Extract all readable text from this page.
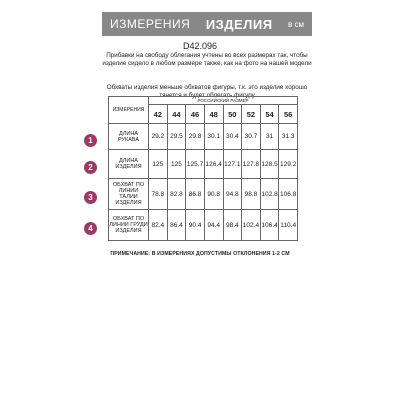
ИЗМЕРЕНИЯ ИЗДЕЛИЯ в см
D42.096
Прибавки на свободу облегания учтены во всех размерах так, чтобы изделие сидело в любом размере также, как на фото на нашей модели
Обхваты изделия меньше обхватов фигуры, т.к. это изделие хорошо тянется и будет облегать фигуру
1
2
3
4
ИЗМЕРЕНИЯ	РОССИЙСКИЙ РАЗМЕР							
	42	44	46	48	50	52	54	56
ДЛИНА РУКАВА	29.2	29.5	29.8	30.1	30.4	30.7	31	31.3
ДЛИНА ИЗДЕЛИЯ	125	125	125.7	126.4	127.1	127.8	128.5	129.2
ОБХВАТ ПО ЛИНИИ ТАЛИИ ИЗДЕЛИЯ	78.8	82.8	86.8	90.8	94.8	98.8	102.8	106.8
ОБХВАТ ПО ЛИНИИ ГРУДИ ИЗДЕЛИЯ	82.4	86.4	90.4	94.4	98.4	102.4	106.4	110.4
ПРИМЕЧАНИЕ: В ИЗМЕРЕНИЯХ ДОПУСТИМЫ ОТКЛОНЕНИЯ 1-2 СМ
